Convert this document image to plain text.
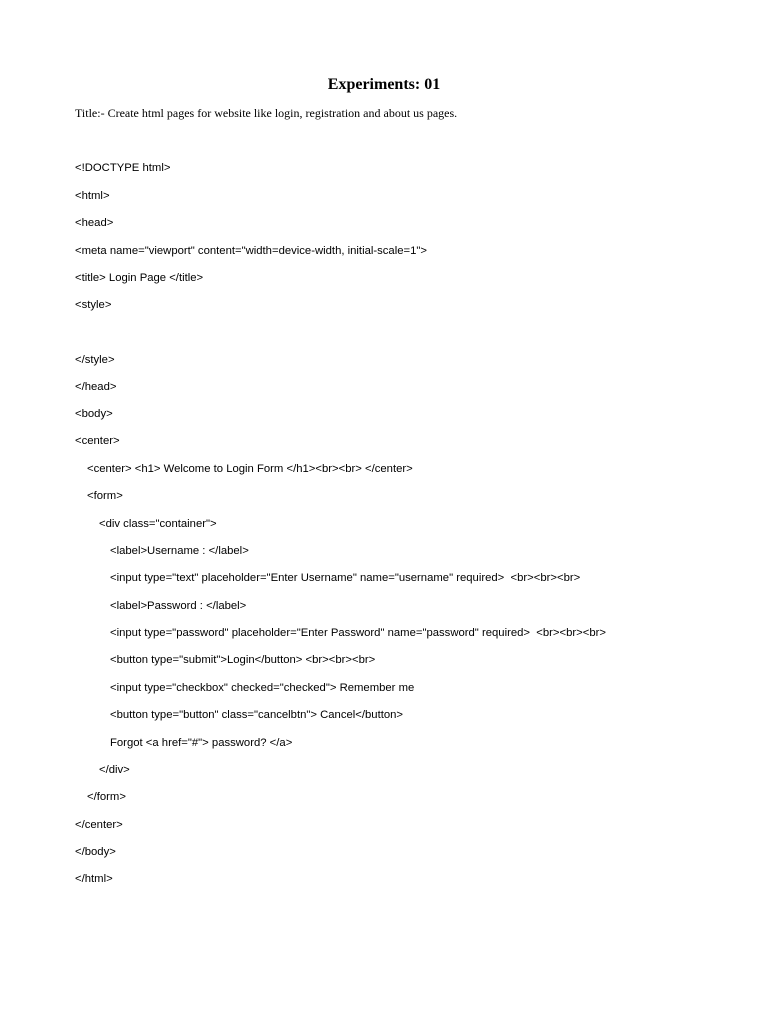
Experiments: 01
Title:- Create html pages for website like login, registration and about us pages.
<!DOCTYPE html>
<html>
<head>
<meta name="viewport" content="width=device-width, initial-scale=1">
<title> Login Page </title>
<style>
</style>
</head>
<body>
<center>
<center> <h1> Welcome to Login Form </h1><br><br> </center>
<form>
<div class="container">
<label>Username : </label>
<input type="text" placeholder="Enter Username" name="username" required>  <br><br><br>
<label>Password : </label>
<input type="password" placeholder="Enter Password" name="password" required>  <br><br><br>
<button type="submit">Login</button> <br><br><br>
<input type="checkbox" checked="checked"> Remember me
<button type="button" class="cancelbtn"> Cancel</button>
Forgot <a href="#"> password? </a>
</div>
</form>
</center>
</body>
</html>
